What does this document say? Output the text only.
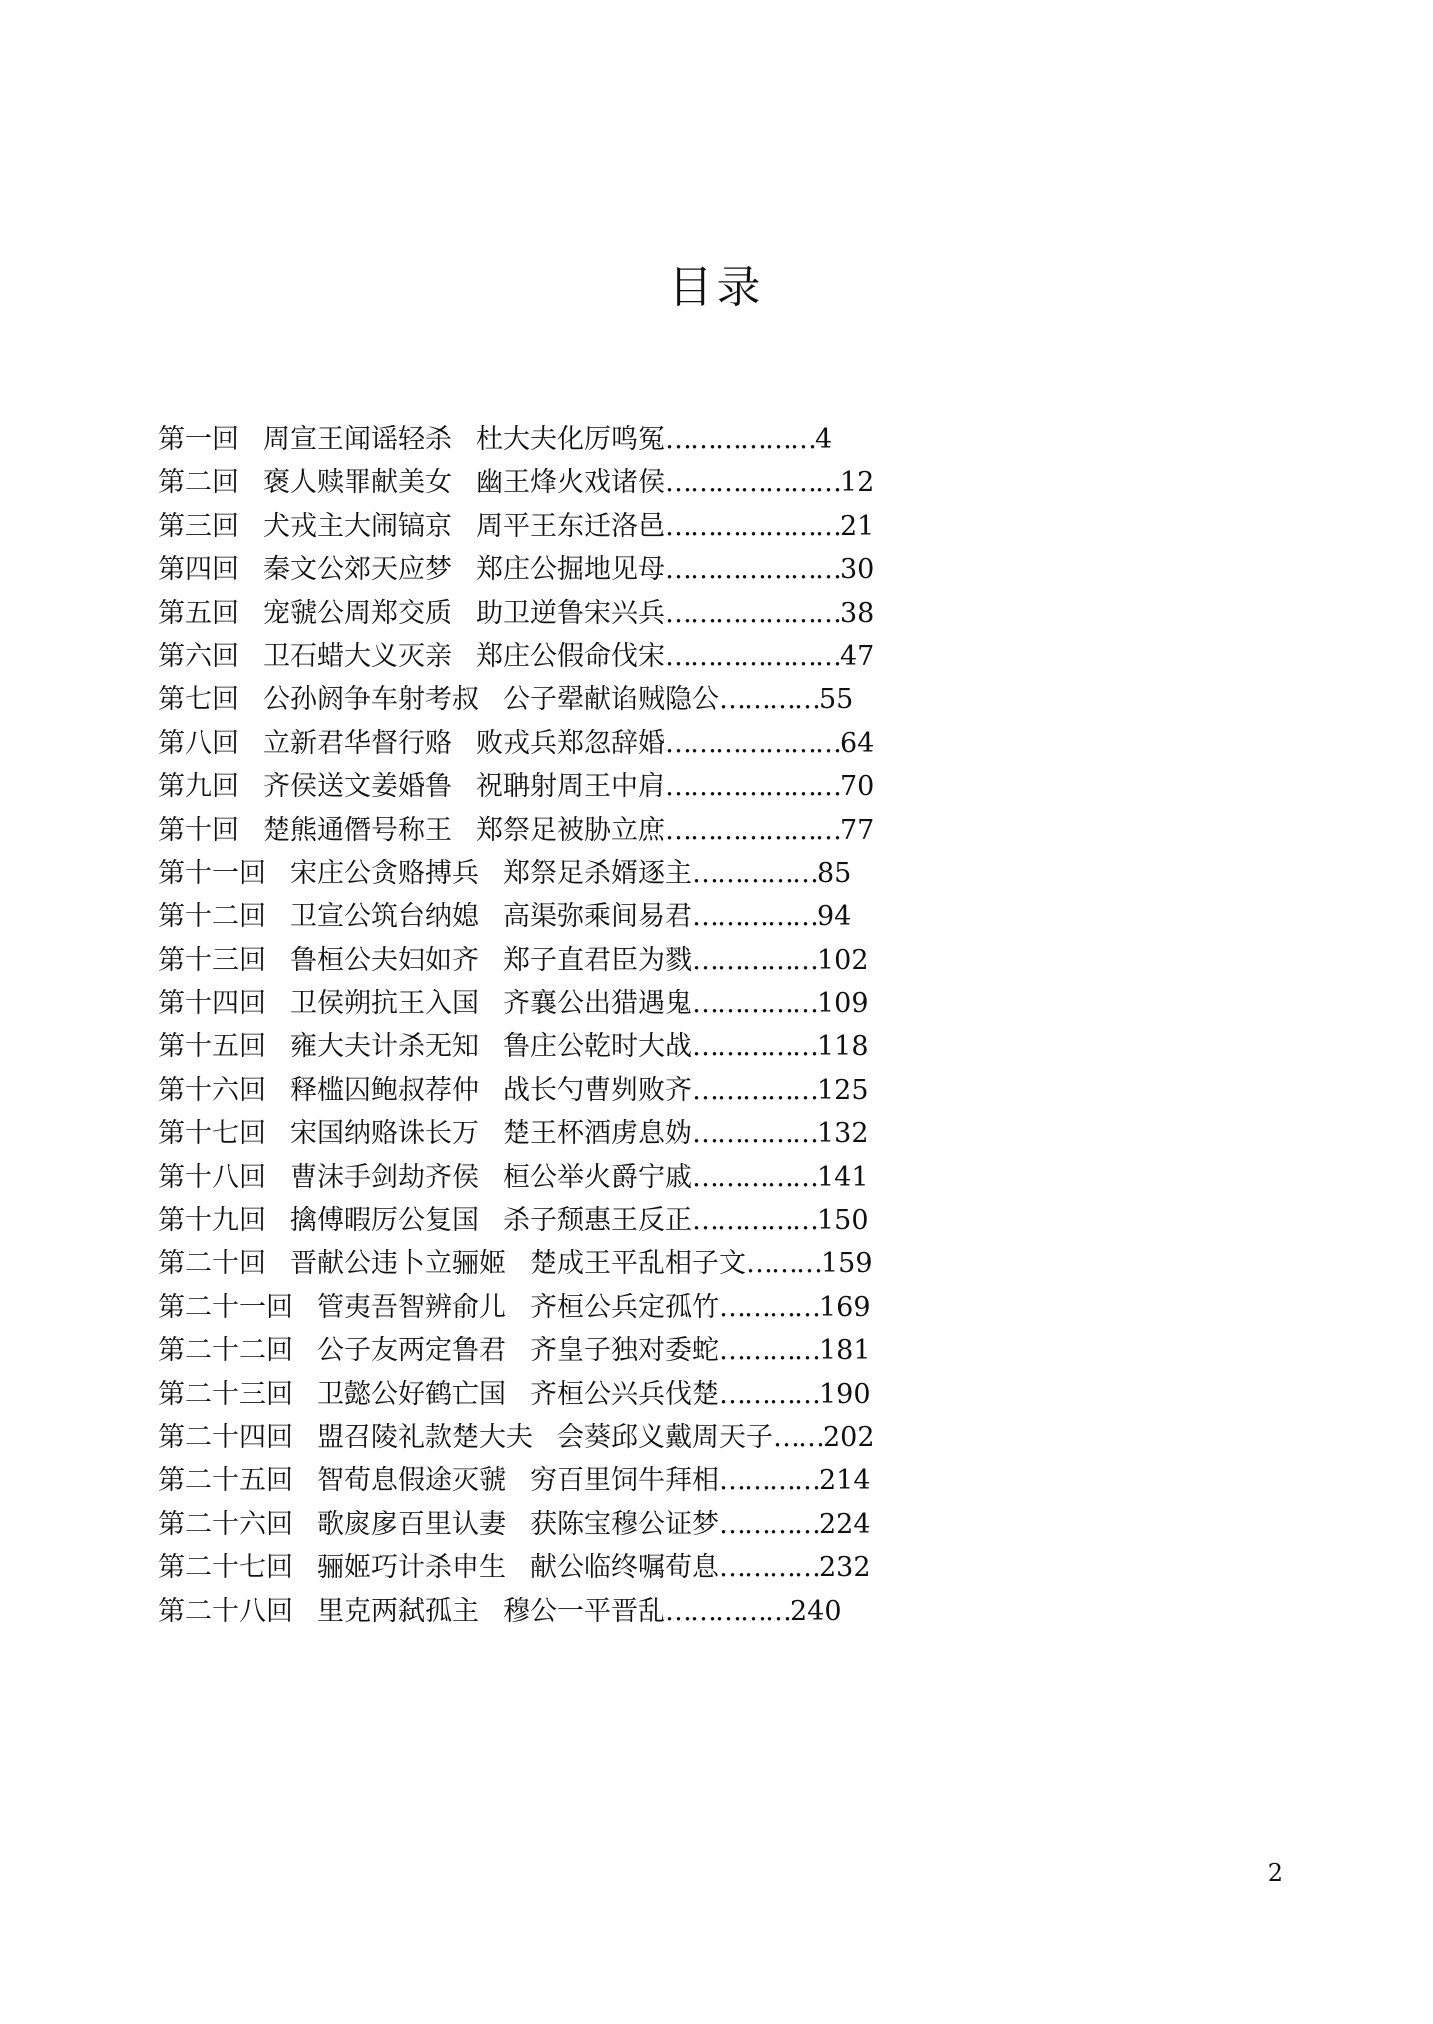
目录
第一回 周宣王闻谣轻杀 杜大夫化厉鸣冤………………4
第二回 褒人赎罪献美女 幽王烽火戏诸侯…………………12
第三回 犬戎主大闹镐京 周平王东迁洛邑…………………21
第四回 秦文公郊天应梦 郑庄公掘地见母…………………30
第五回 宠虢公周郑交质 助卫逆鲁宋兴兵…………………38
第六回 卫石蜡大义灭亲 郑庄公假命伐宋…………………47
第七回 公孙阏争车射考叔 公子翚献谄贼隐公…………55
第八回 立新君华督行赂 败戎兵郑忽辞婚…………………64
第九回 齐侯送文姜婚鲁 祝聃射周王中肩…………………70
第十回 楚熊通僭号称王 郑祭足被胁立庶…………………77
第十一回 宋庄公贪赂搏兵 郑祭足杀婿逐主……………85
第十二回 卫宣公筑台纳媳 高渠弥乘间易君……………94
第十三回 鲁桓公夫妇如齐 郑子直君臣为戮……………102
第十四回 卫侯朔抗王入国 齐襄公出猎遇鬼……………109
第十五回 雍大夫计杀无知 鲁庄公乾时大战……………118
第十六回 释槛囚鲍叔荐仲 战长勺曹刿败齐……………125
第十七回 宋国纳赂诛长万 楚王杯酒虏息妫……………132
第十八回 曹沫手剑劫齐侯 桓公举火爵宁戚……………141
第十九回 擒傅暇厉公复国 杀子颓惠王反正……………150
第二十回 晋献公违卜立骊姬 楚成王平乱相子文………159
第二十一回 管夷吾智辨俞儿 齐桓公兵定孤竹…………169
第二十二回 公子友两定鲁君 齐皇子独对委蛇…………181
第二十三回 卫懿公好鹤亡国 齐桓公兴兵伐楚…………190
第二十四回 盟召陵礼款楚大夫 会葵邱义戴周天子……202
第二十五回 智荀息假途灭虢 穷百里饲牛拜相…………214
第二十六回 歌扊扅百里认妻 获陈宝穆公证梦…………224
第二十七回 骊姬巧计杀申生 献公临终嘱荀息…………232
第二十八回 里克两弑孤主 穆公一平晋乱……………240
2
